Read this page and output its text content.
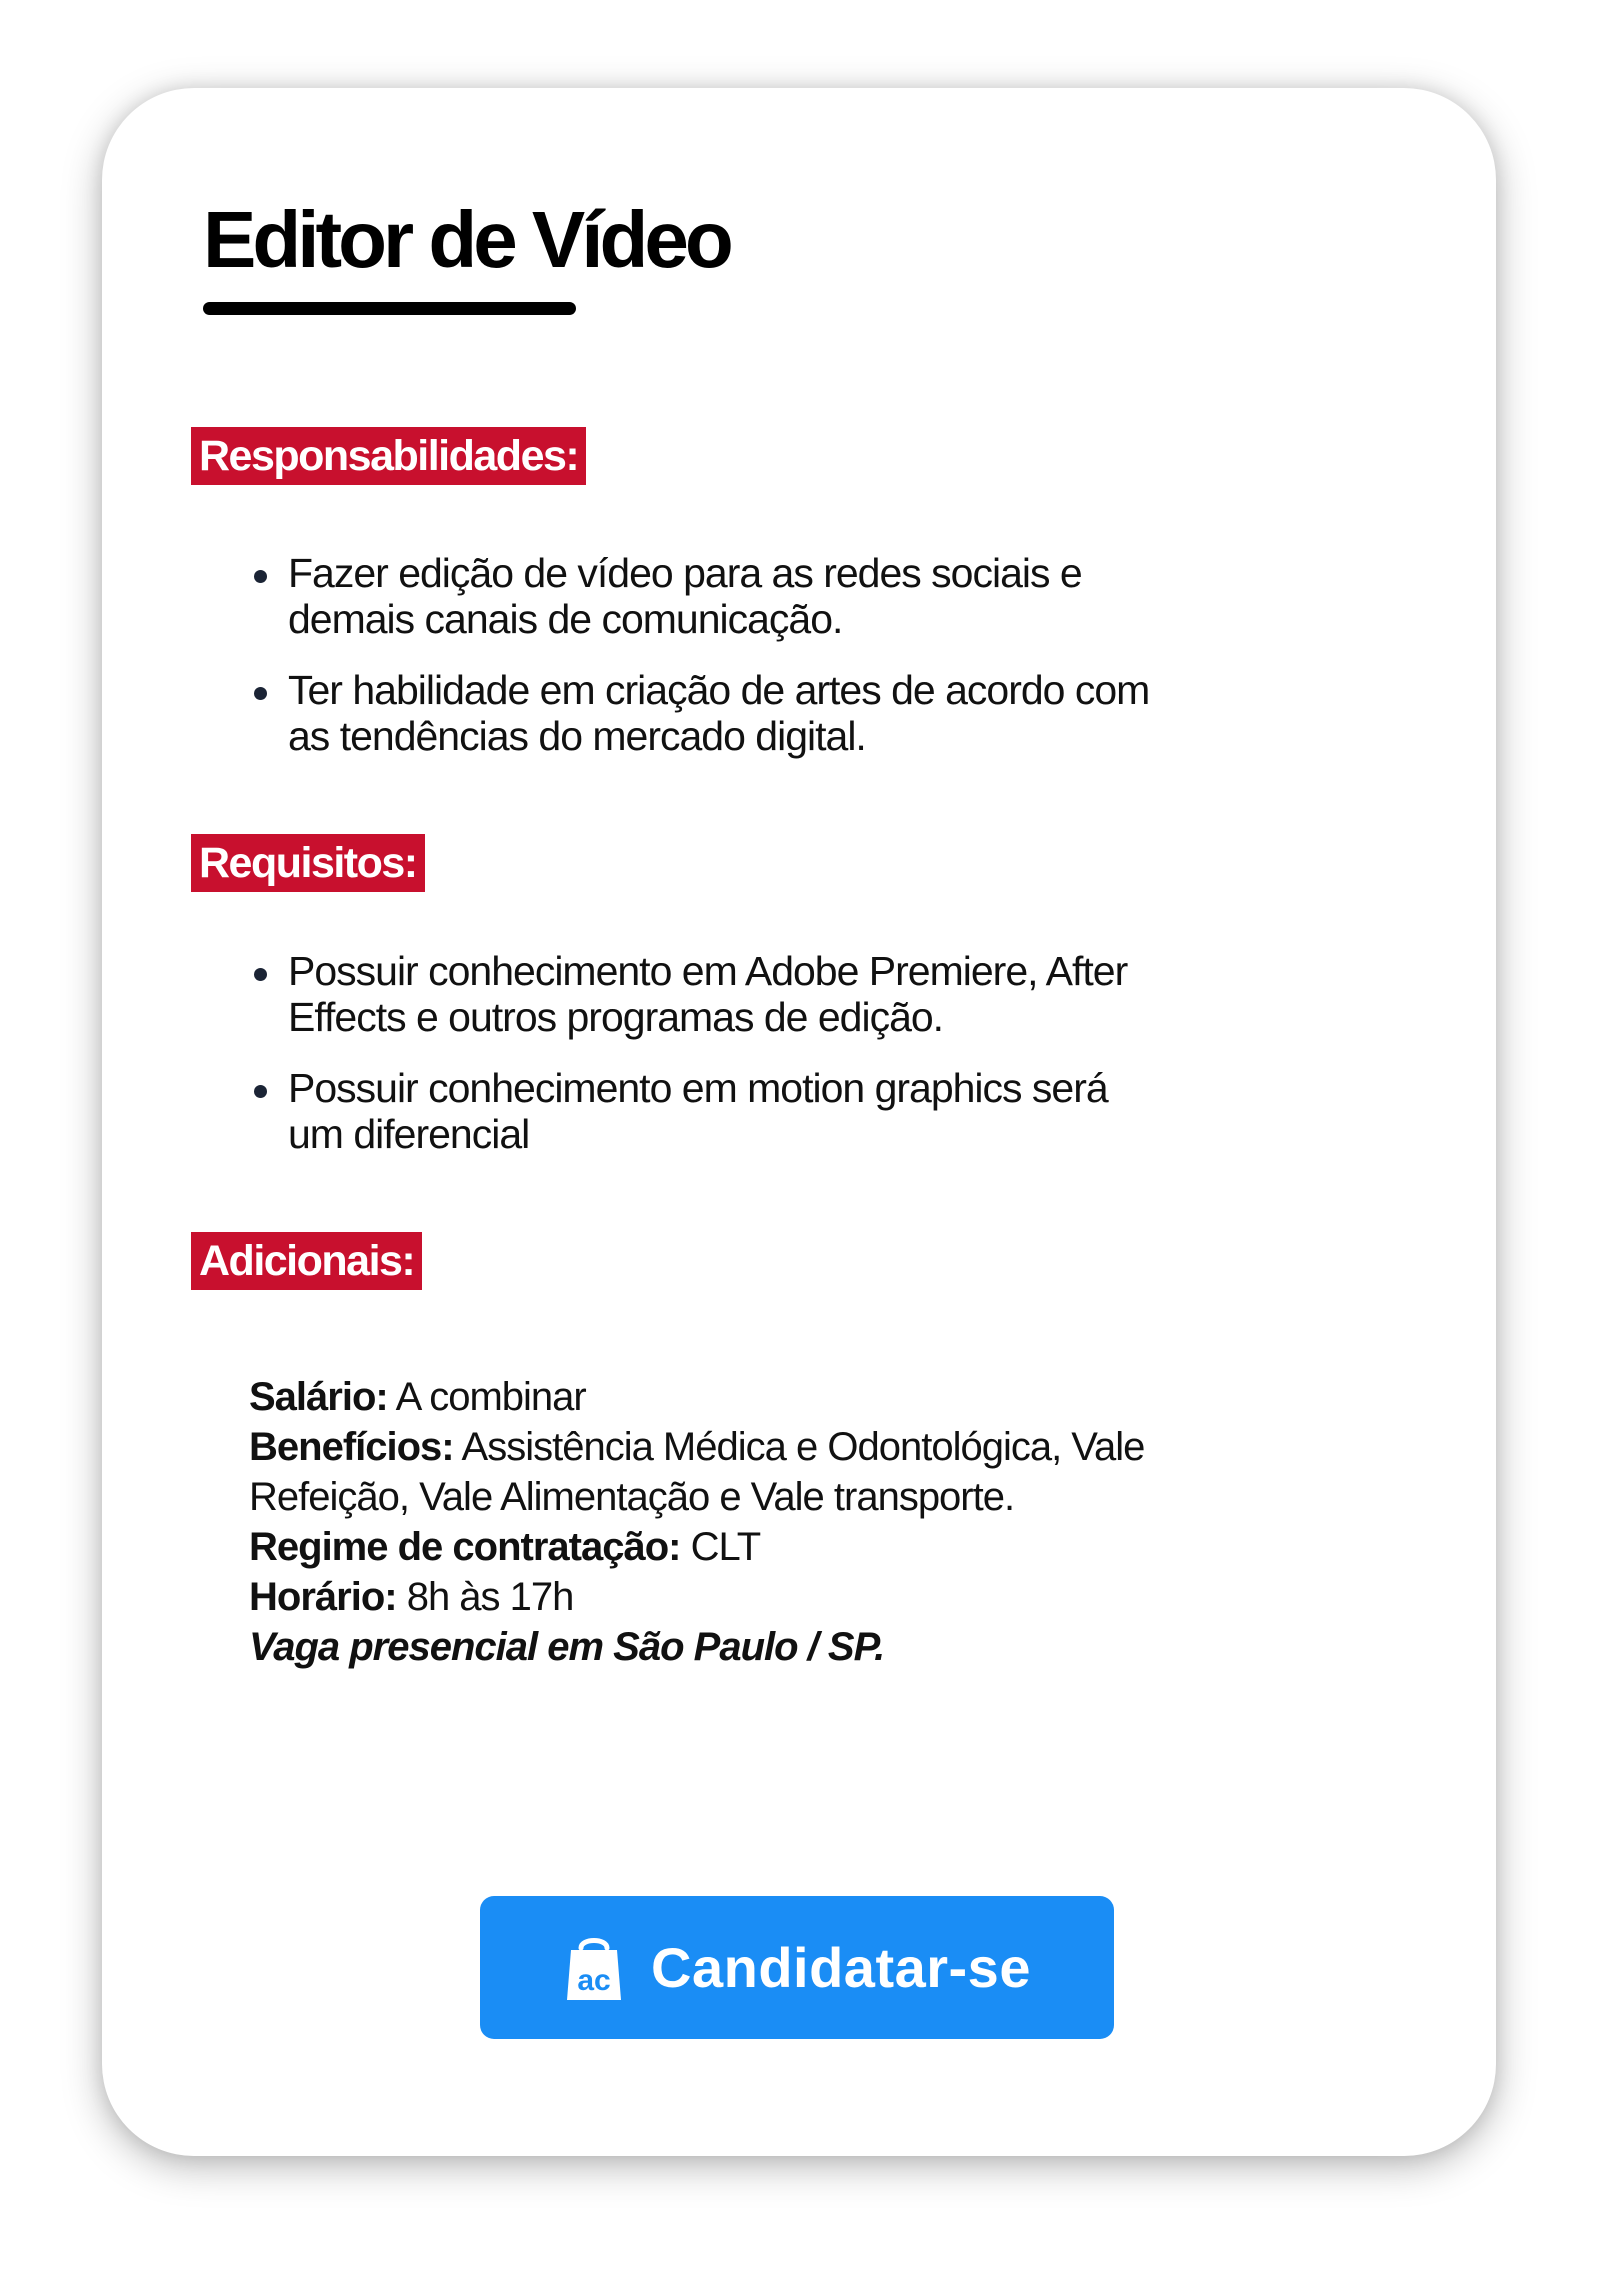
Editor de Vídeo
Responsabilidades:
Fazer edição de vídeo para as redes sociais e demais canais de comunicação.
Ter habilidade em criação de artes de acordo com as tendências do mercado digital.
Requisitos:
Possuir conhecimento em Adobe Premiere, After Effects e outros programas de edição.
Possuir conhecimento em motion graphics será um diferencial
Adicionais:
Salário: A combinar
Benefícios: Assistência Médica e Odontológica, Vale
Refeição, Vale Alimentação e Vale transporte.
Regime de contratação: CLT
Horário: 8h às 17h
Vaga presencial em São Paulo / SP.
ac Candidatar-se
